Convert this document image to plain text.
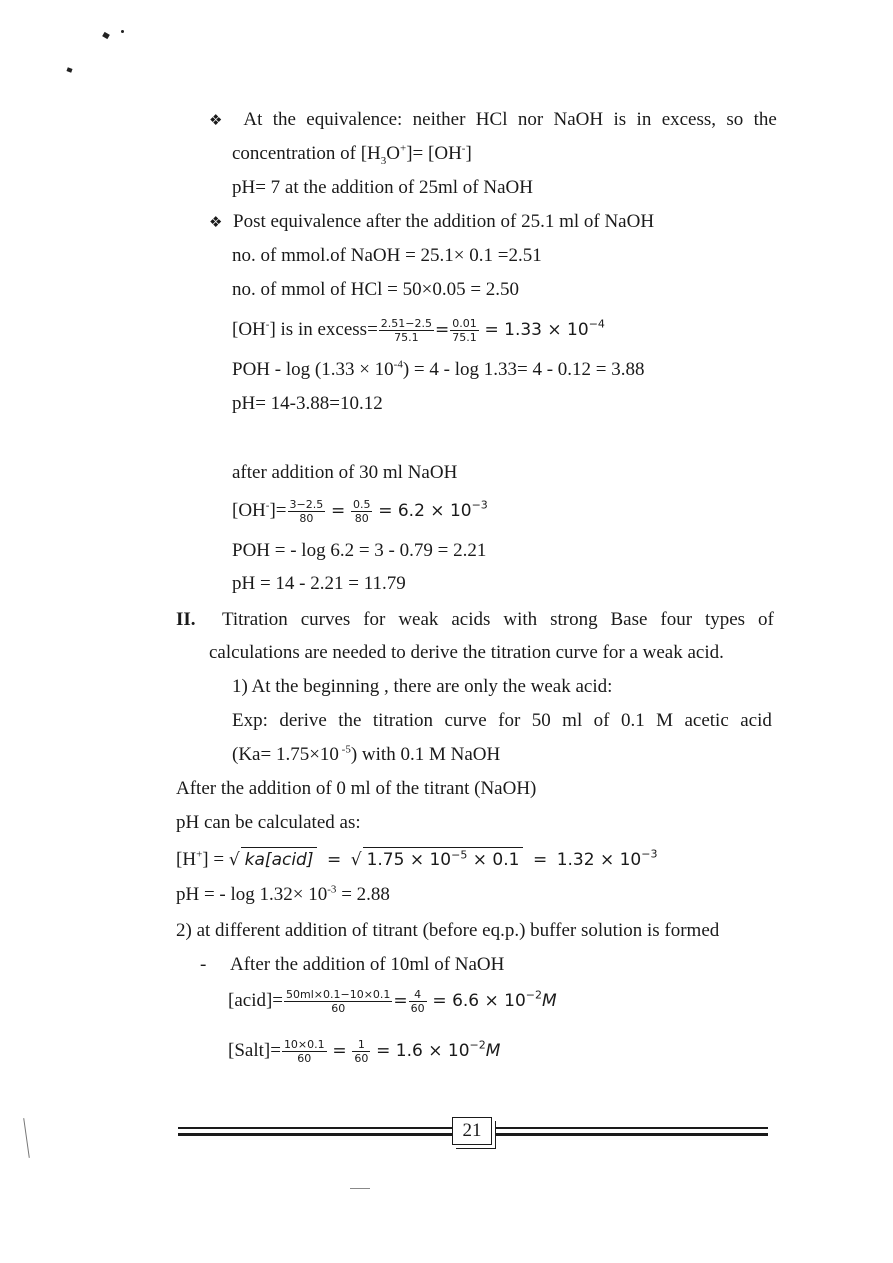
❖	At the equivalence: neither HCl nor NaOH is in excess, so the
concentration of $[H_3O^+]= [OH^-]$
pH= 7 at the addition of 25ml of NaOH
❖ Post equivalence after the addition of 25.1 ml of NaOH
no. of mmol.of NaOH = 25.1× 0.1 =2.51
no. of mmol of HCl = 50×0.05 = 2.50
[OH-] is in excess= $\frac{2.51-2.5}{75.1} = \frac{0.01}{75.1} = 1.33 \times 10^{-4}$
POH - $\log (1.33 \times 10^{-4}) = 4 - \log 1.33= 4 - 0.12 = 3.88$
pH= 14-3.88=10.12
after addition of 30 ml NaOH
$[OH^-]= \frac{3-2.5}{80} = \frac{0.5}{80} = 6.2 \times 10^{-3}$
POH = - log 6.2 = 3 - 0.79 = 2.21
pH = 14 - 2.21 = 11.79
II.	Titration curves for weak acids with strong Base four types of
calculations are needed to derive the titration curve for a weak acid.
1) At the beginning , there are only the weak acid:
Exp: derive the titration curve for 50 ml of 0.1 M acetic acid
(Ka= 1.75×10 $^{-5}$) with 0.1 M NaOH
After the addition of 0 ml of the titrant (NaOH)
pH can be calculated as:
[H+] = √ ka[acid] = √ $1.75 \times 10^{-5} \times 0.1 = 1.32 \times 10^{-3}$
pH = - $\log 1.32\times 10^{-3} = 2.88$
2) at different addition of titrant (before eq.p.) buffer solution is formed
- After the addition of 10ml of NaOH
[acid]= $\frac{50ml\times 0.1-10\times 0.1}{60} = \frac{4}{60} = 6.6 \times 10^{-2}M$
[Salt]= $\frac{10\times 0.1}{60} = \frac{1}{60} = 1.6 \times 10^{-2}M$
21
